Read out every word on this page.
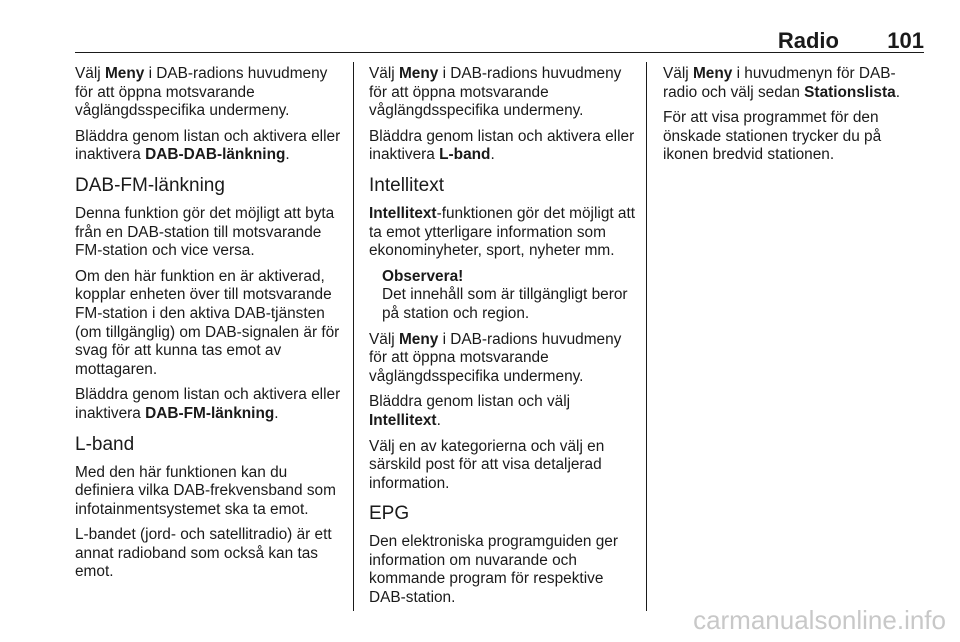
Radio 101

Välj Meny i DAB-radions huvudmeny för att öppna motsvarande våglängdsspecifika undermeny.

Bläddra genom listan och aktivera eller inaktivera DAB-DAB-länkning.

DAB-FM-länkning

Denna funktion gör det möjligt att byta från en DAB-station till motsvarande FM-station och vice versa.

Om den här funktion en är aktiverad, kopplar enheten över till motsvarande FM-station i den aktiva DAB-tjänsten (om tillgänglig) om DAB-signalen är för svag för att kunna tas emot av mottagaren.

Bläddra genom listan och aktivera eller inaktivera DAB-FM-länkning.

L-band

Med den här funktionen kan du definiera vilka DAB-frekvensband som infotainmentsystemet ska ta emot.

L-bandet (jord- och satellitradio) är ett annat radioband som också kan tas emot.

Välj Meny i DAB-radions huvudmeny för att öppna motsvarande våglängdsspecifika undermeny.

Bläddra genom listan och aktivera eller inaktivera L-band.

Intellitext

Intellitext-funktionen gör det möjligt att ta emot ytterligare information som ekonominyheter, sport, nyheter mm.

Observera!

Det innehåll som är tillgängligt beror på station och region.

Välj Meny i DAB-radions huvudmeny för att öppna motsvarande våglängdsspecifika undermeny.

Bläddra genom listan och välj Intellitext.

Välj en av kategorierna och välj en särskild post för att visa detaljerad information.

EPG

Den elektroniska programguiden ger information om nuvarande och kommande program för respektive DAB-station.

Välj Meny i huvudmenyn för DAB-radio och välj sedan Stationslista.

För att visa programmet för den önskade stationen trycker du på ikonen bredvid stationen.

carmanualsonline.info
